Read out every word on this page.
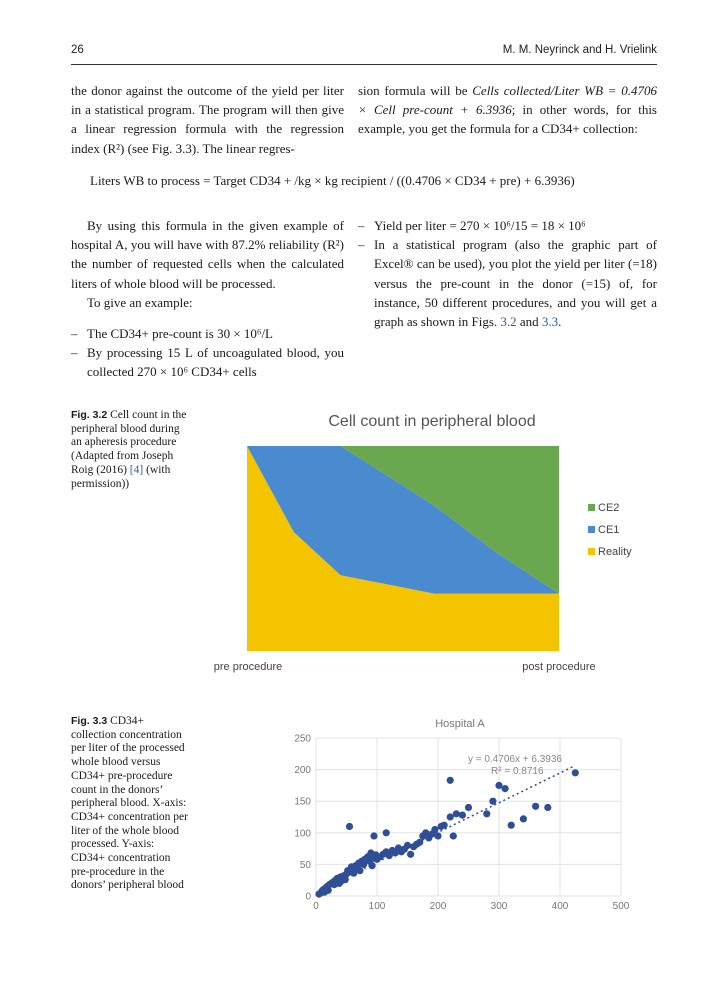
26	M. M. Neyrinck and H. Vrielink

the donor against the outcome of the yield per liter in a statistical program. The program will then give a linear regression formula with the regression index (R²) (see Fig. 3.3). The linear regres-

sion formula will be Cells collected/Liter WB = 0.4706 × Cell pre-count + 6.3936; in other words, for this example, you get the formula for a CD34+ collection:

Liters WB to process = Target CD34 + /kg × kg recipient / ((0.4706 × CD34 + pre) + 6.3936)

By using this formula in the given example of hospital A, you will have with 87.2% reliability (R²) the number of requested cells when the calculated liters of whole blood will be processed.

To give an example:

– The CD34+ pre-count is 30 × 10⁶/L

– By processing 15 L of uncoagulated blood, you collected 270 × 10⁶ CD34+ cells

– Yield per liter = 270 × 10⁶/15 = 18 × 10⁶

– In a statistical program (also the graphic part of Excel® can be used), you plot the yield per liter (=18) versus the pre-count in the donor (=15) of, for instance, 50 different procedures, and you will get a graph as shown in Figs. 3.2 and 3.3.

Fig. 3.2 Cell count in the peripheral blood during an apheresis procedure (Adapted from Joseph Roig (2016) [4] (with permission))
Cell count in peripheral blood
CE2
CE1
Reality
pre procedure	post procedure
Fig. 3.3 CD34+ collection concentration per liter of the processed whole blood versus CD34+ pre-procedure count in the donors’ peripheral blood. X-axis: CD34+ concentration per liter of the whole blood processed. Y-axis: CD34+ concentration pre-procedure in the donors’ peripheral blood
Hospital A
0
50
100
150
200
250
0	100	200	300	400	500
y = 0.4706x + 6.3936
R² = 0.8716
